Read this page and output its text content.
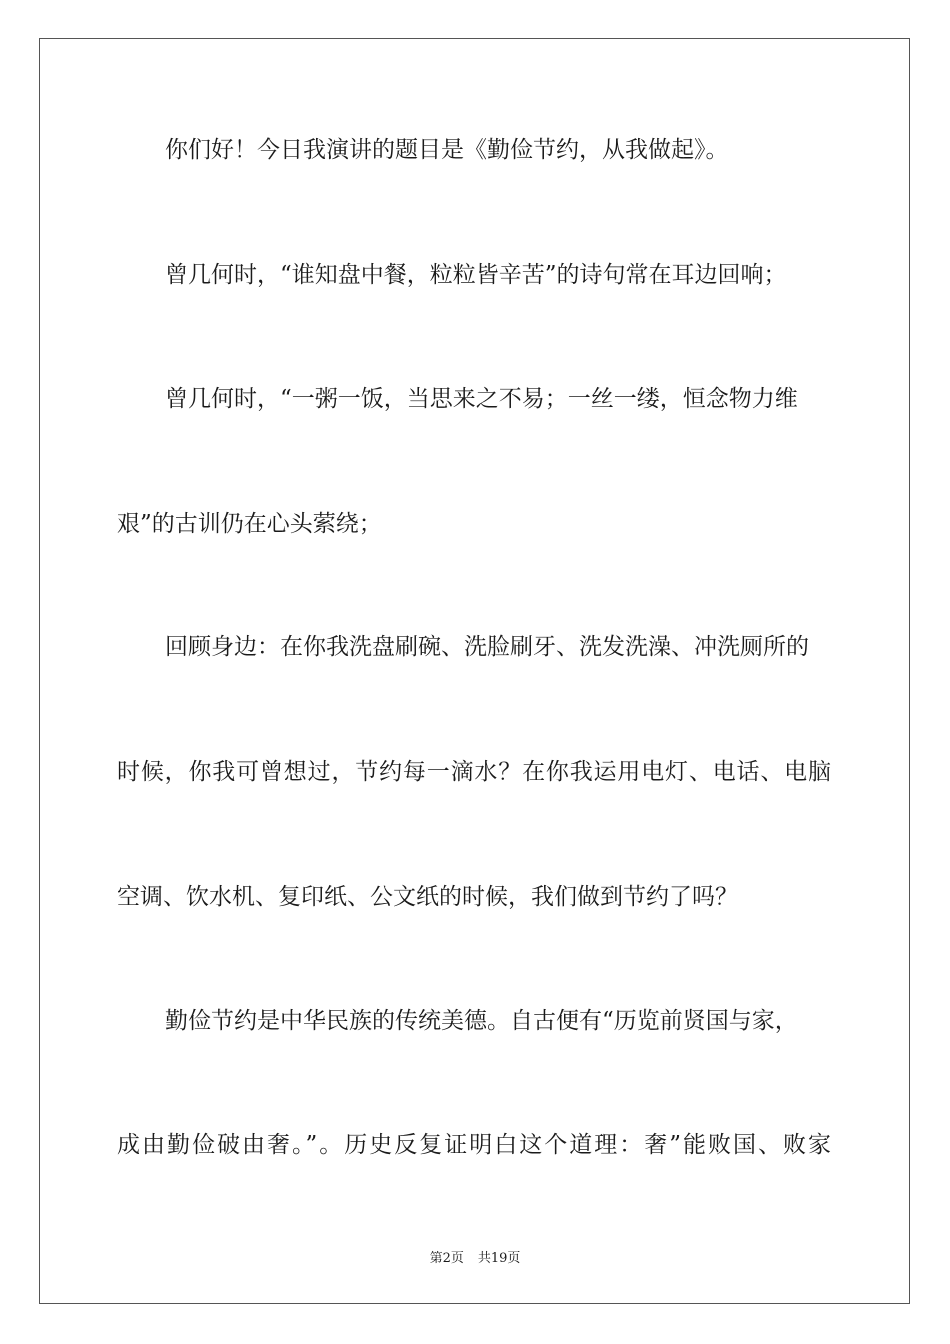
你们好！今日我演讲的题目是《勤俭节约，从我做起》。
曾几何时，“谁知盘中餐，粒粒皆辛苦”的诗句常在耳边回响；
曾几何时，“一粥一饭，当思来之不易；一丝一缕，恒念物力维
艰”的古训仍在心头萦绕；
回顾身边：在你我洗盘刷碗、洗脸刷牙、洗发洗澡、冲洗厕所的
时候，你我可曾想过，节约每一滴水？在你我运用电灯、电话、电脑
空调、饮水机、复印纸、公文纸的时候，我们做到节约了吗？
勤俭节约是中华民族的传统美德。自古便有“历览前贤国与家，
成由勤俭破由奢。”。历史反复证明白这个道理：奢”能败国、败家
第2页 共19页
